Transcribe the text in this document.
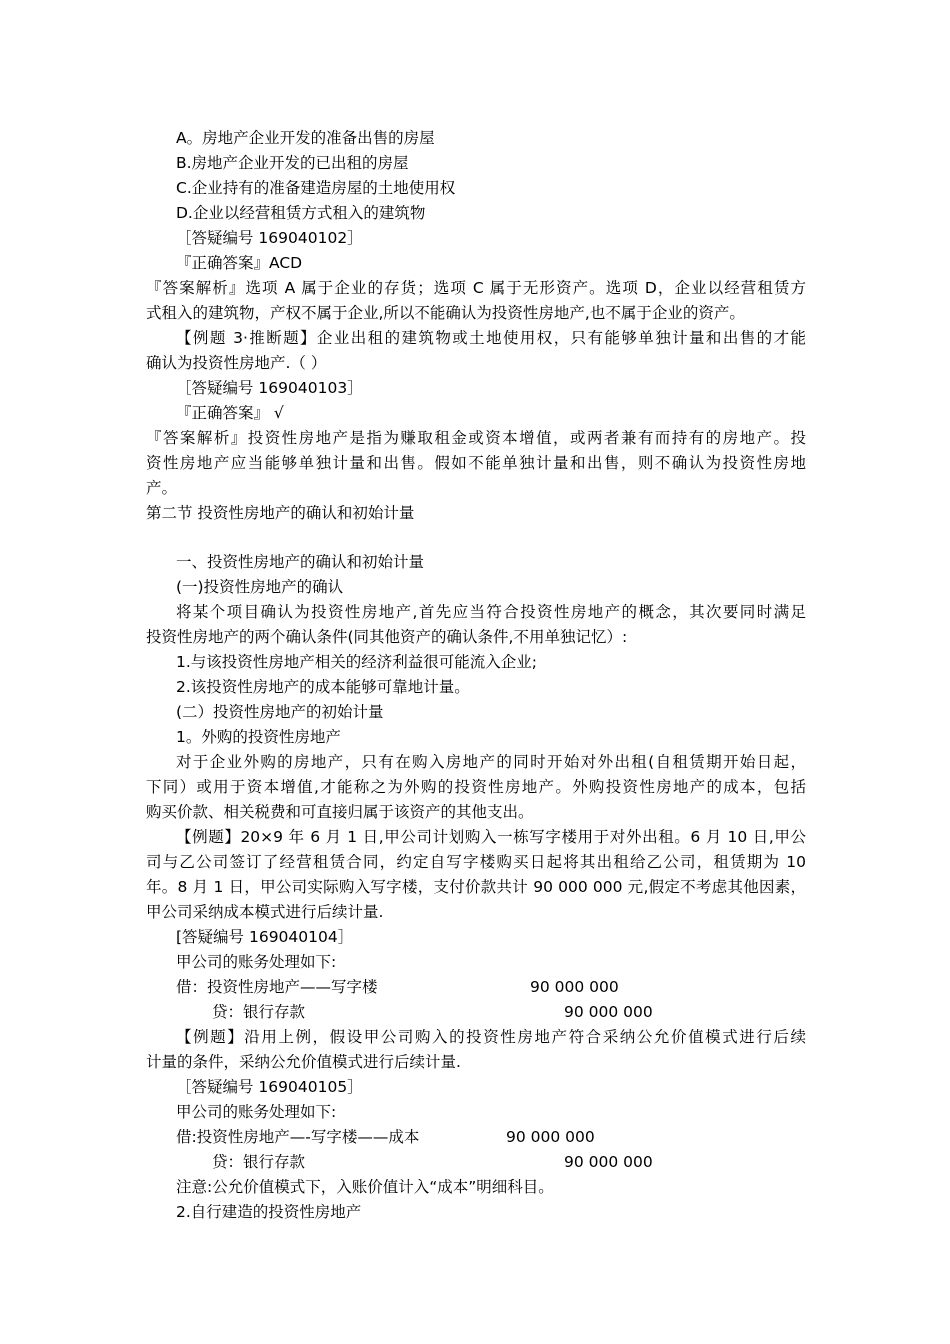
A。房地产企业开发的准备出售的房屋
B.房地产企业开发的已出租的房屋
C.企业持有的准备建造房屋的土地使用权
D.企业以经营租赁方式租入的建筑物
［答疑编号 169040102］
『正确答案』ACD
『答案解析』选项 A 属于企业的存货；选项 C 属于无形资产。选项 D，企业以经营租赁方
式租入的建筑物，产权不属于企业,所以不能确认为投资性房地产,也不属于企业的资产。
【例题 3·推断题】企业出租的建筑物或土地使用权，只有能够单独计量和出售的才能
确认为投资性房地产.（ ）
［答疑编号 169040103］
『正确答案』 √
『答案解析』投资性房地产是指为赚取租金或资本增值，或两者兼有而持有的房地产。投
资性房地产应当能够单独计量和出售。假如不能单独计量和出售，则不确认为投资性房地
产。
第二节 投资性房地产的确认和初始计量
一、投资性房地产的确认和初始计量
(一)投资性房地产的确认
将某个项目确认为投资性房地产,首先应当符合投资性房地产的概念，其次要同时满足
投资性房地产的两个确认条件(同其他资产的确认条件,不用单独记忆）:
1.与该投资性房地产相关的经济利益很可能流入企业;
2.该投资性房地产的成本能够可靠地计量。
(二）投资性房地产的初始计量
1。外购的投资性房地产
对于企业外购的房地产，只有在购入房地产的同时开始对外出租(自租赁期开始日起，
下同）或用于资本增值,才能称之为外购的投资性房地产。外购投资性房地产的成本，包括
购买价款、相关税费和可直接归属于该资产的其他支出。
【例题】20×9 年 6 月 1 日,甲公司计划购入一栋写字楼用于对外出租。6 月 10 日,甲公
司与乙公司签订了经营租赁合同，约定自写字楼购买日起将其出租给乙公司，租赁期为 10
年。8 月 1 日，甲公司实际购入写字楼，支付价款共计 90 000 000 元,假定不考虑其他因素，
甲公司采纳成本模式进行后续计量.
[答疑编号 169040104］
甲公司的账务处理如下:
借：投资性房地产——写字楼	90 000 000
贷：银行存款	90 000 000
【例题】沿用上例，假设甲公司购入的投资性房地产符合采纳公允价值模式进行后续
计量的条件，采纳公允价值模式进行后续计量.
［答疑编号 169040105］
甲公司的账务处理如下:
借:投资性房地产—-写字楼——成本	90 000 000
贷：银行存款	90 000 000
注意:公允价值模式下，入账价值计入“成本”明细科目。
2.自行建造的投资性房地产
